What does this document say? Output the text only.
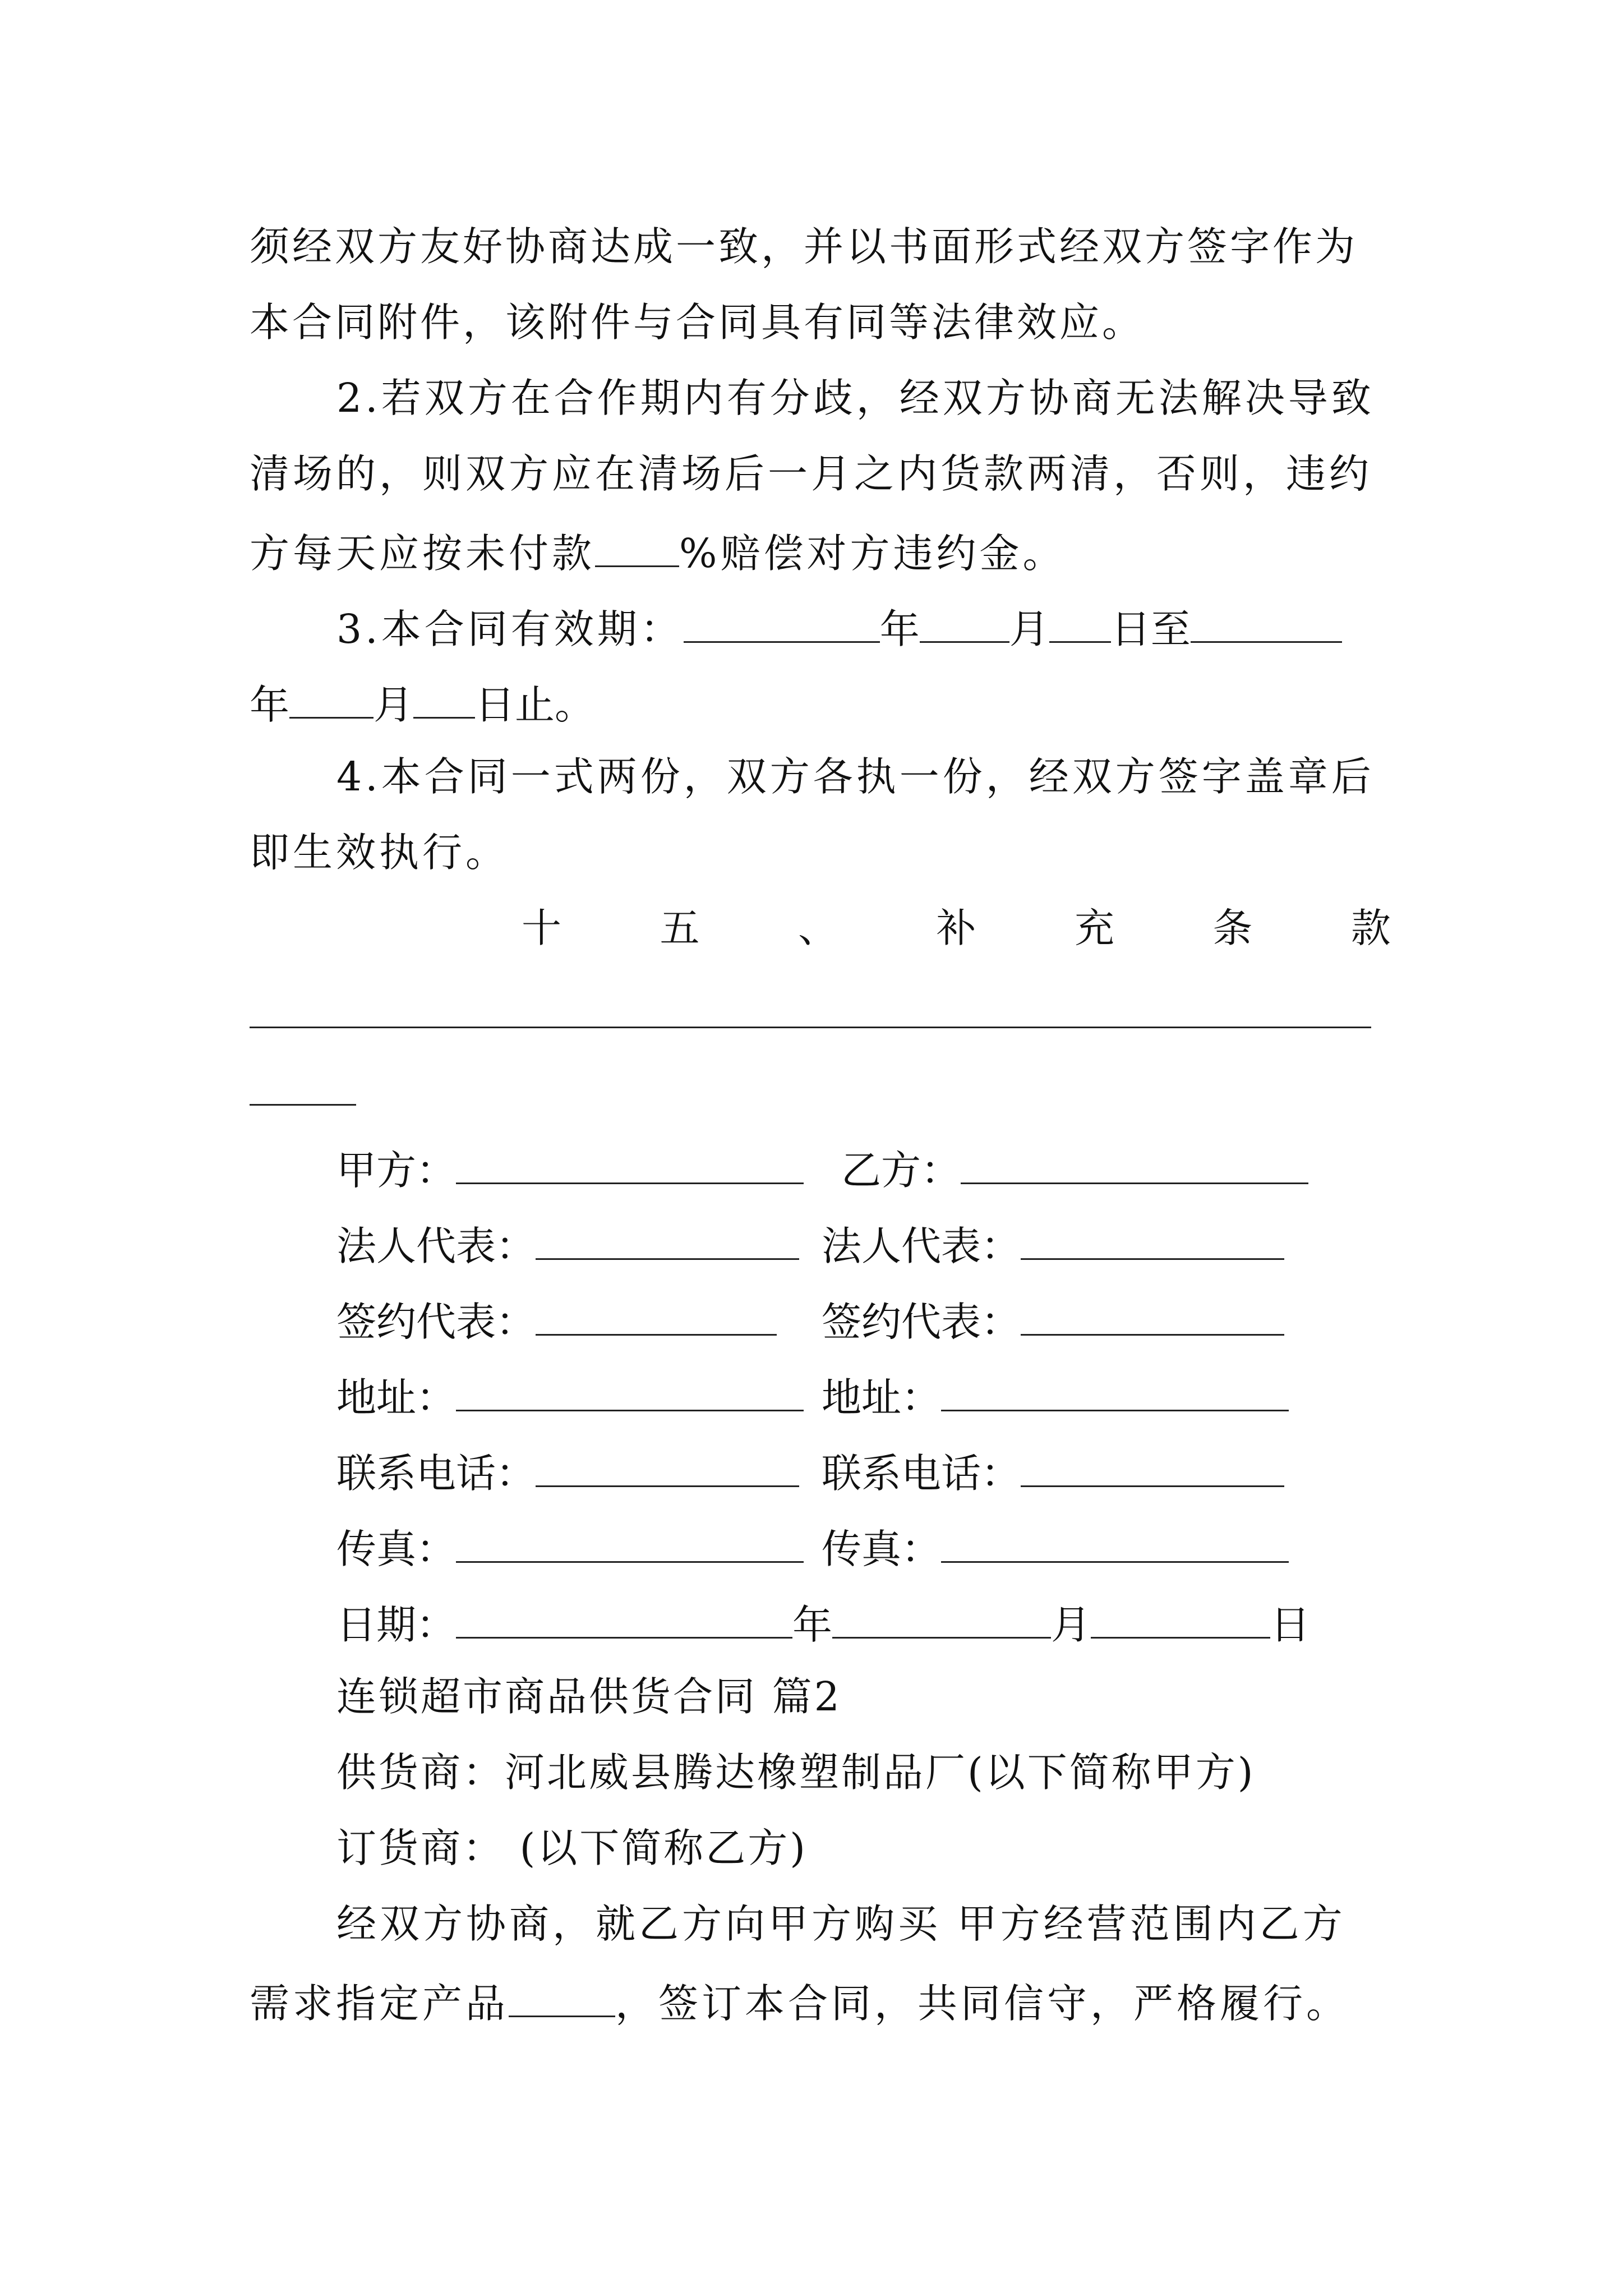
须经双方友好协商达成一致，并以书面形式经双方签字作为
本合同附件，该附件与合同具有同等法律效应。
2.若双方在合作期内有分歧，经双方协商无法解决导致
清场的，则双方应在清场后一月之内货款两清，否则，违约
方每天应按未付款 %赔偿对方违约金。
3.本合同有效期：	年 月 日至
年 月 日止。
4.本合同一式两份，双方各执一份，经双方签字盖章后
即生效执行。
十 五 、 补 充 条 款
甲方：	乙方：
法人代表：	法人代表：
签约代表：	签约代表：
地址：	地址：
联系电话：	联系电话：
传真：	传真：
日期：	年	月	日
连锁超市商品供货合同 篇2
供货商：河北威县腾达橡塑制品厂(以下简称甲方)
订货商： (以下简称乙方)
经双方协商，就乙方向甲方购买 甲方经营范围内乙方
需求指定产品	，签订本合同，共同信守，严格履行。
